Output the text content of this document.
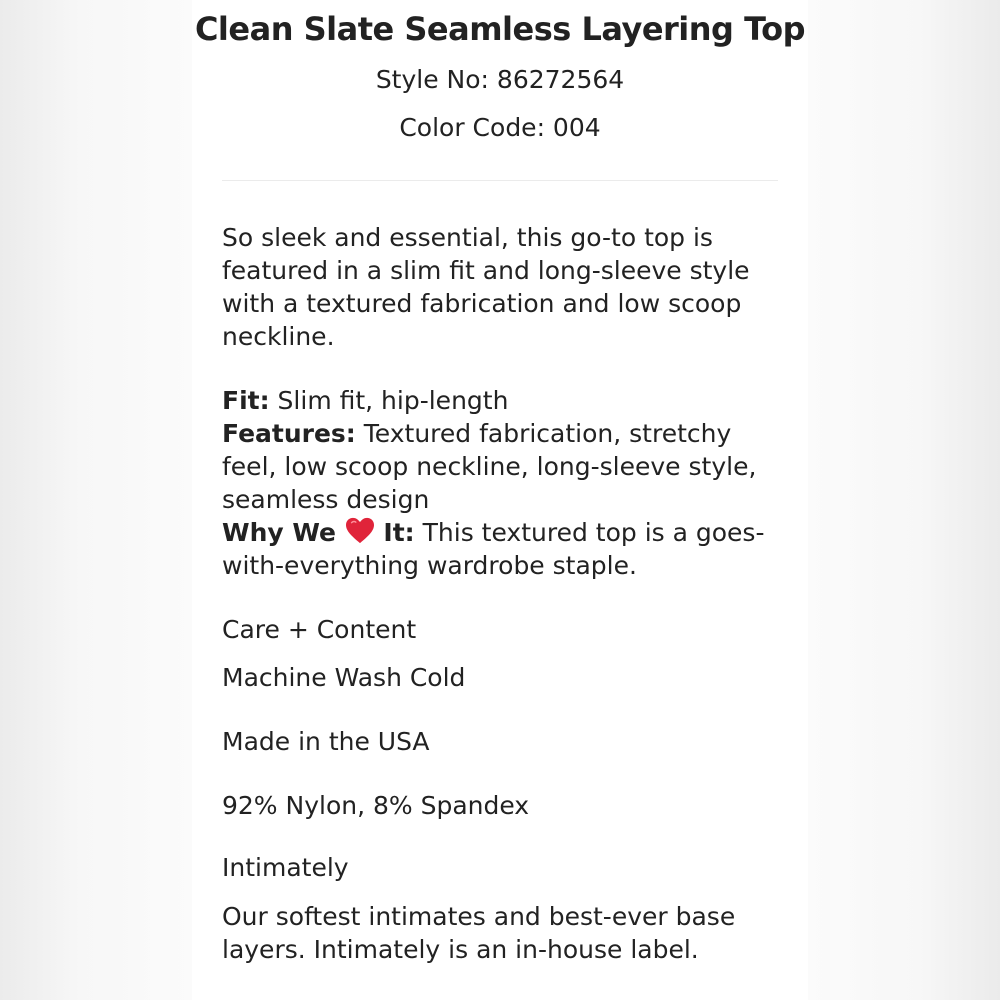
Clean Slate Seamless Layering Top
Style No: 86272564
Color Code: 004

So sleek and essential, this go-to top is featured in a slim fit and long-sleeve style with a textured fabrication and low scoop neckline.

Fit: Slim fit, hip-length
Features: Textured fabrication, stretchy feel, low scoop neckline, long-sleeve style, seamless design
Why We  It: This textured top is a goes-with-everything wardrobe staple.
Care + Content
Machine Wash Cold
Made in the USA
92% Nylon, 8% Spandex
Intimately

Our softest intimates and best-ever base layers. Intimately is an in-house label.
